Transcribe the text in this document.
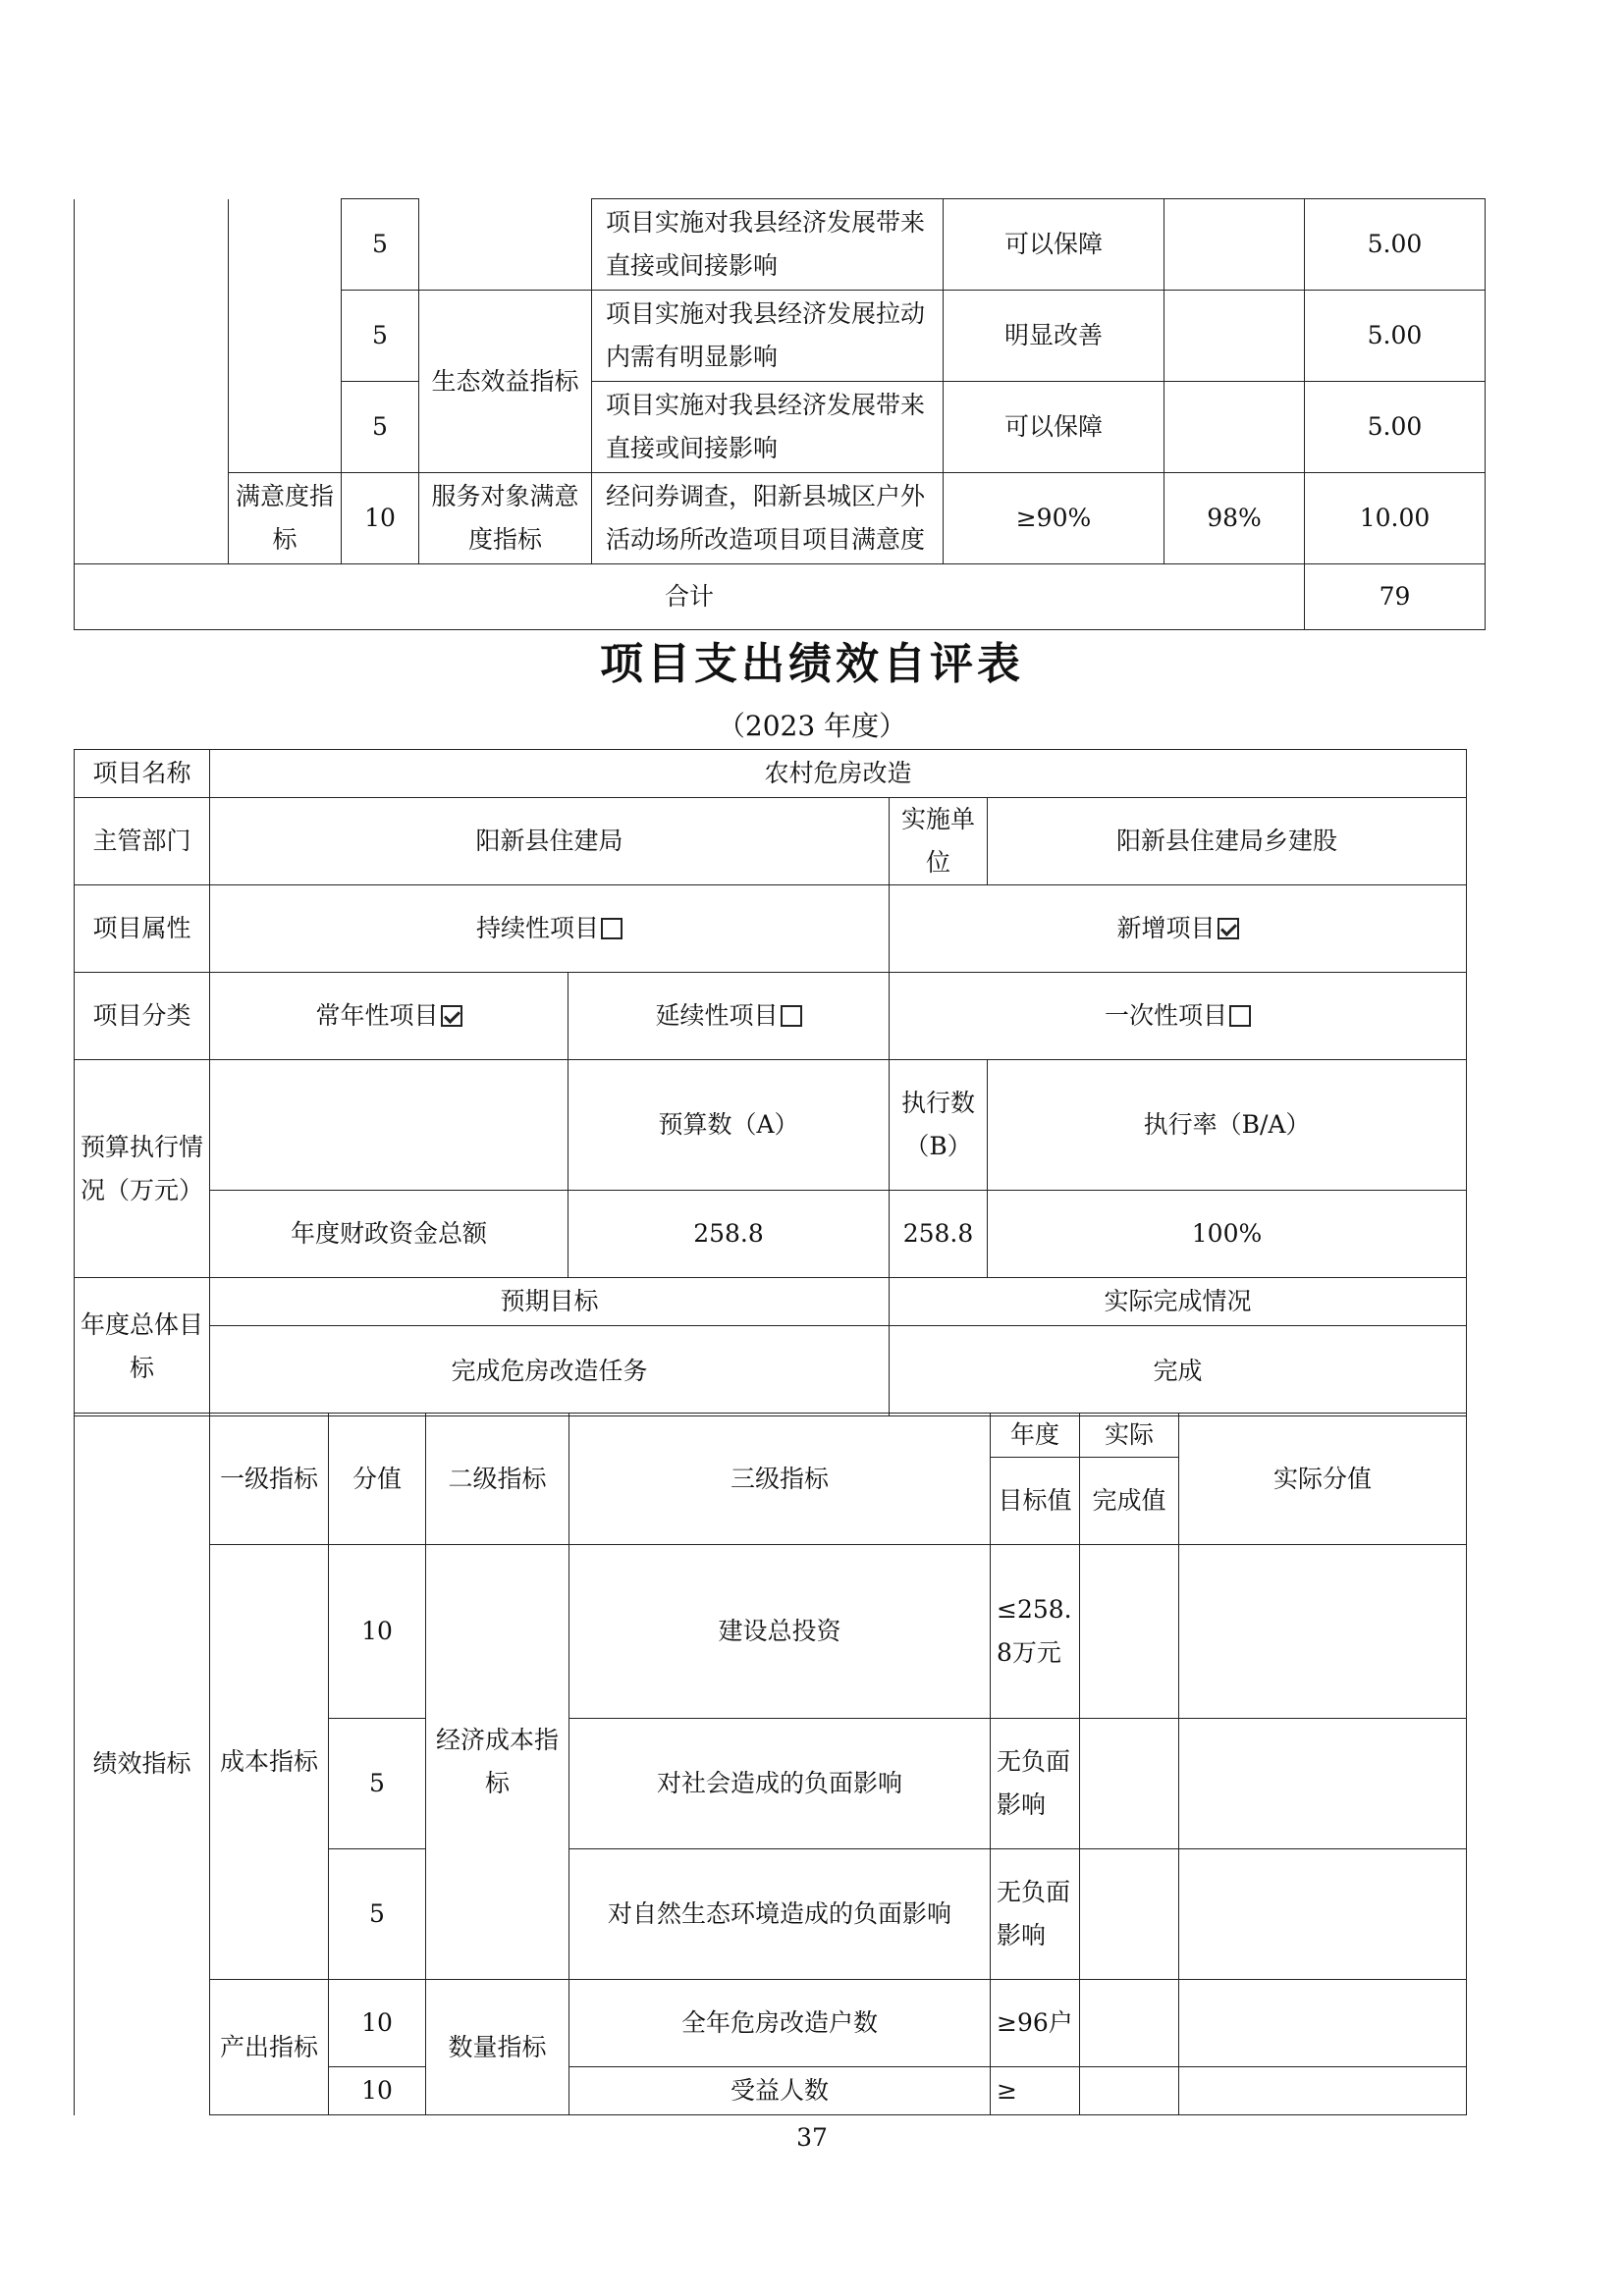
		5		项目实施对我县经济发展带来直接或间接影响	可以保障		5.00
		5	生态效益指标	项目实施对我县经济发展拉动内需有明显影响	明显改善		5.00
		5		项目实施对我县经济发展带来直接或间接影响	可以保障		5.00
	满意度指标	10	服务对象满意度指标	经问券调查，阳新县城区户外活动场所改造项目项目满意度	≥90%	98%	10.00
合计							79
项目支出绩效自评表
（2023 年度）
项目名称	农村危房改造			
主管部门	阳新县住建局		实施单位	阳新县住建局乡建股
项目属性	持续性项目		新增项目	
项目分类	常年性项目	延续性项目	一次性项目	
预算执行情况（万元）		预算数（A）	执行数（B）	执行率（B/A）
	年度财政资金总额	258.8	258.8	100%
年度总体目标	预期目标		实际完成情况	
	完成危房改造任务		完成	
绩效指标	一级指标	分值	二级指标	三级指标	年度	实际	实际分值
					目标值	完成值	
	成本指标	10	经济成本指标	建设总投资	≤258.8万元		
		5		对社会造成的负面影响	无负面影响		
		5		对自然生态环境造成的负面影响	无负面影响		
	产出指标	10	数量指标	全年危房改造户数	≥96户		
		10		受益人数	≥		
37
